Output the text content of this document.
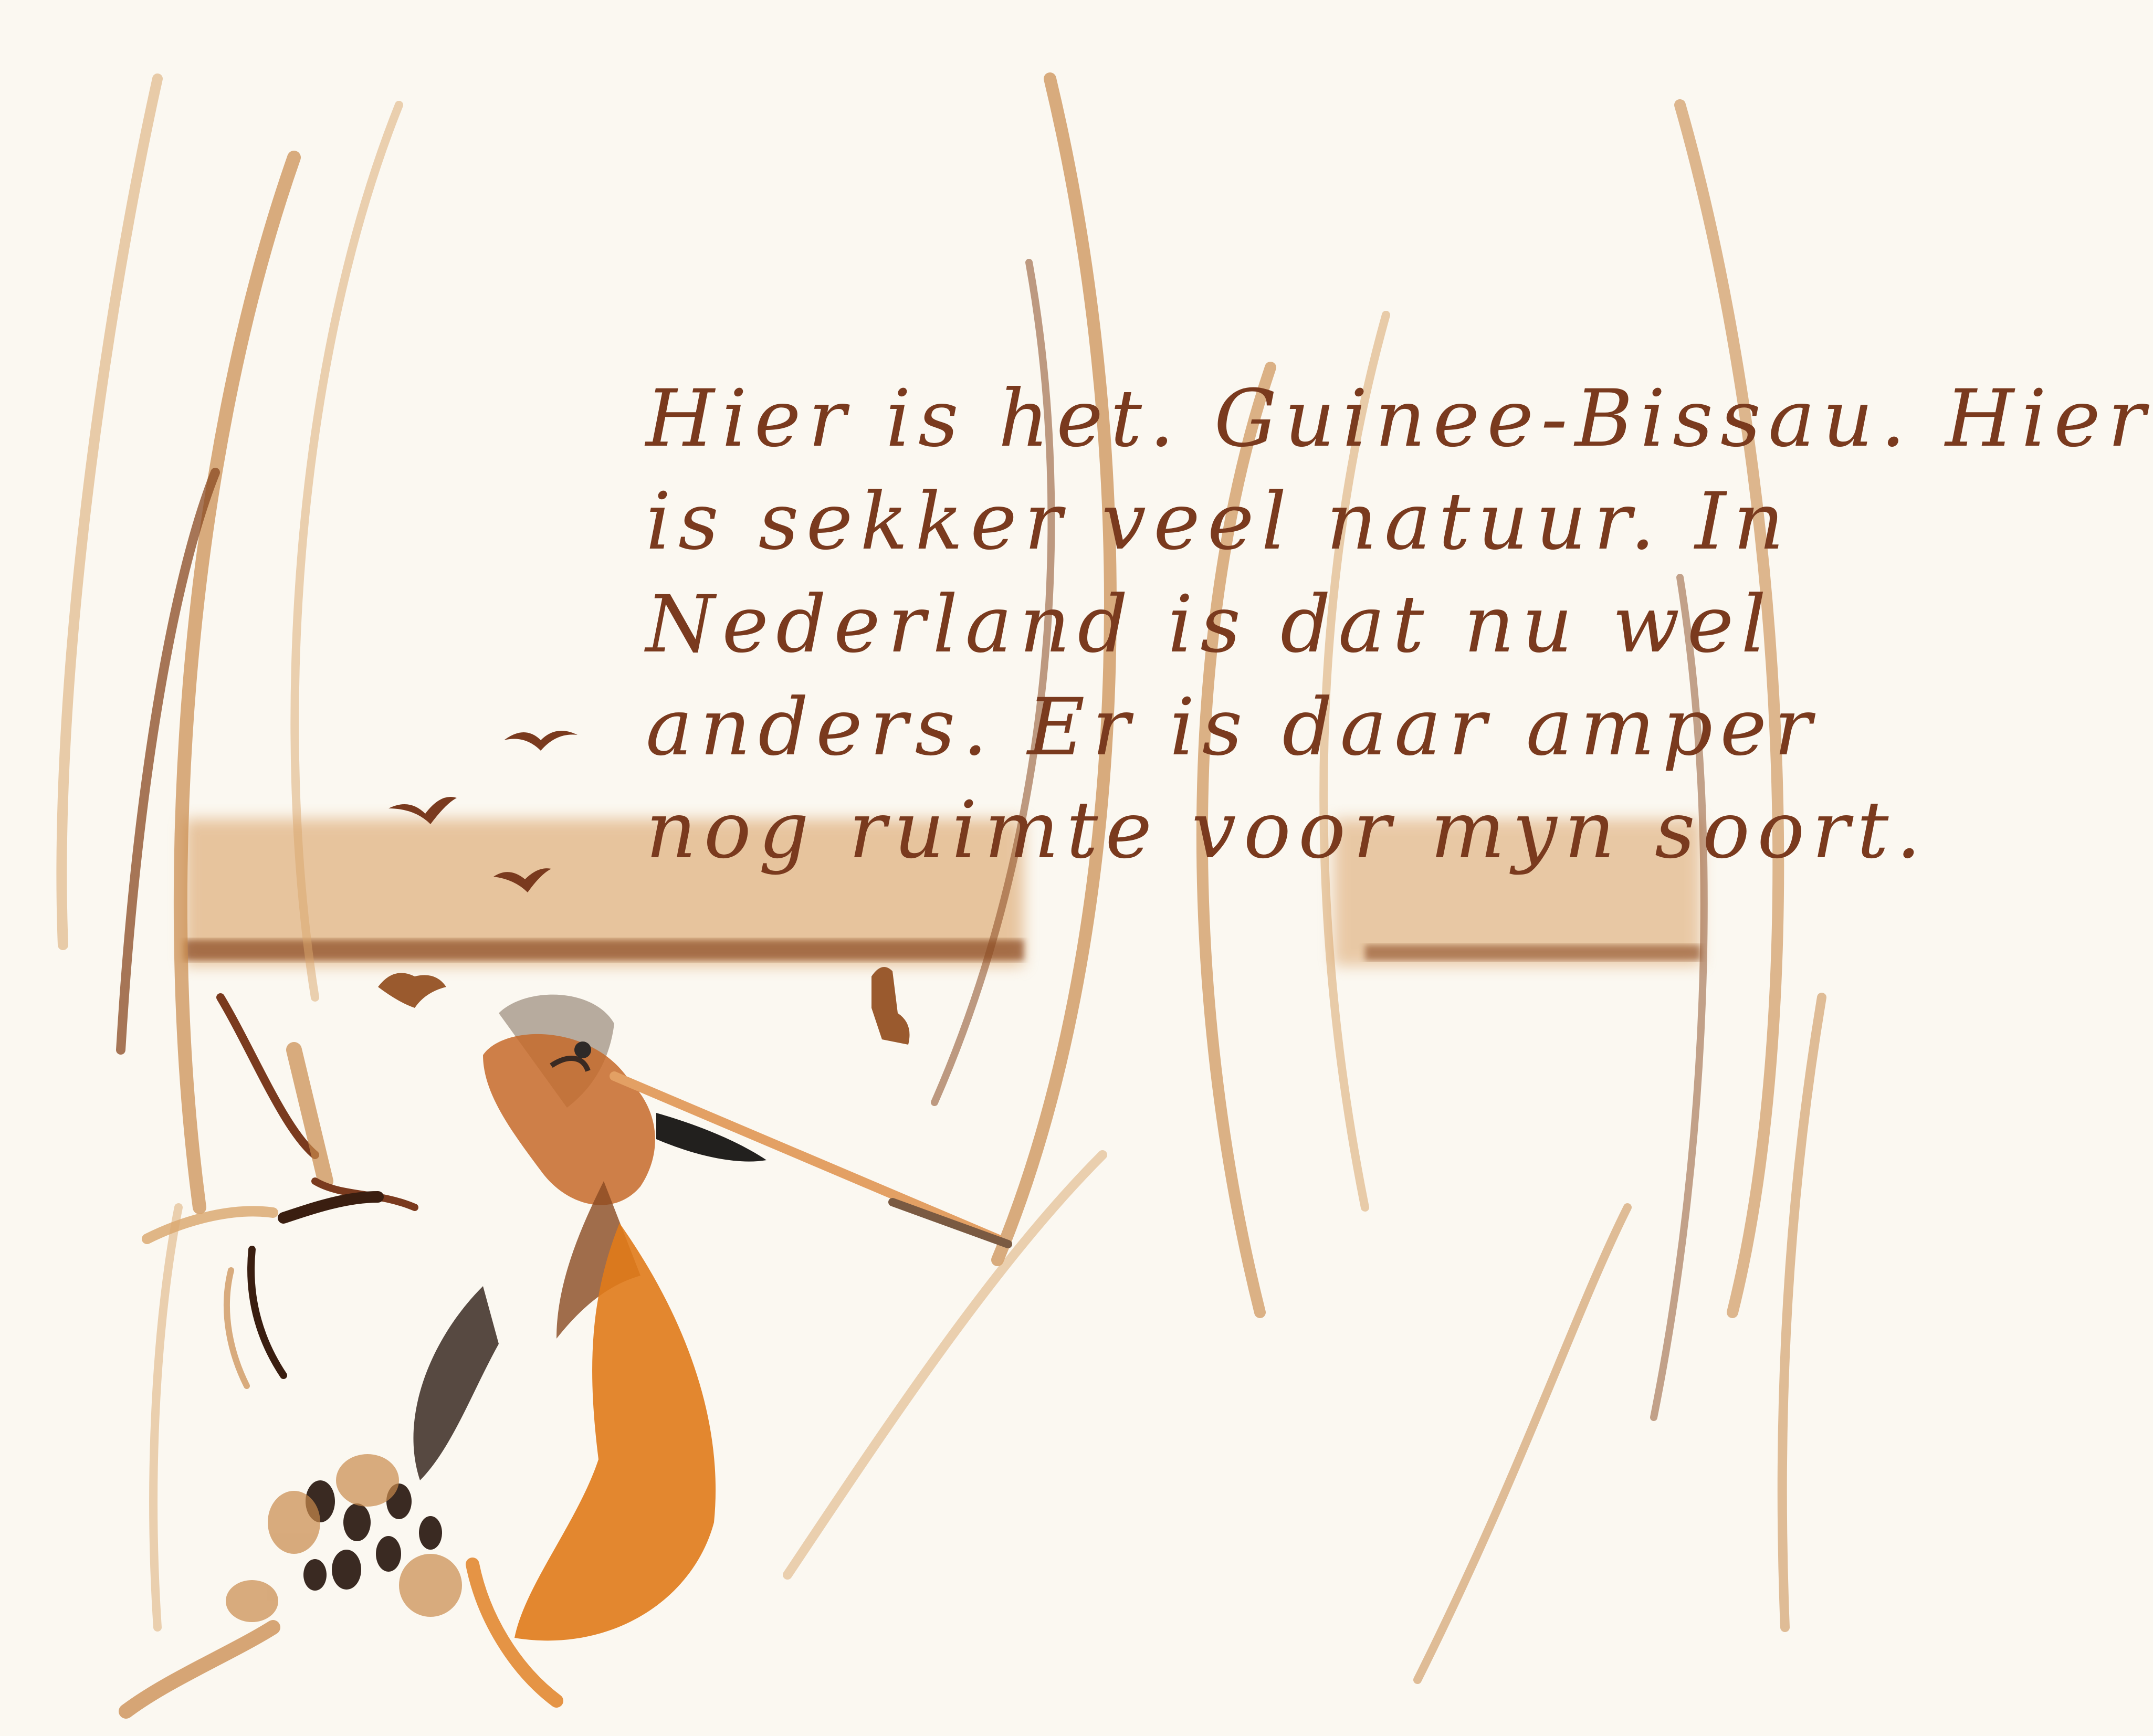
Hier is het. Guinee-Bissau. Hier
is sekker veel natuur. In
Nederland is dat nu wel
anders. Er is daar amper
nog ruimte voor myn soort.
